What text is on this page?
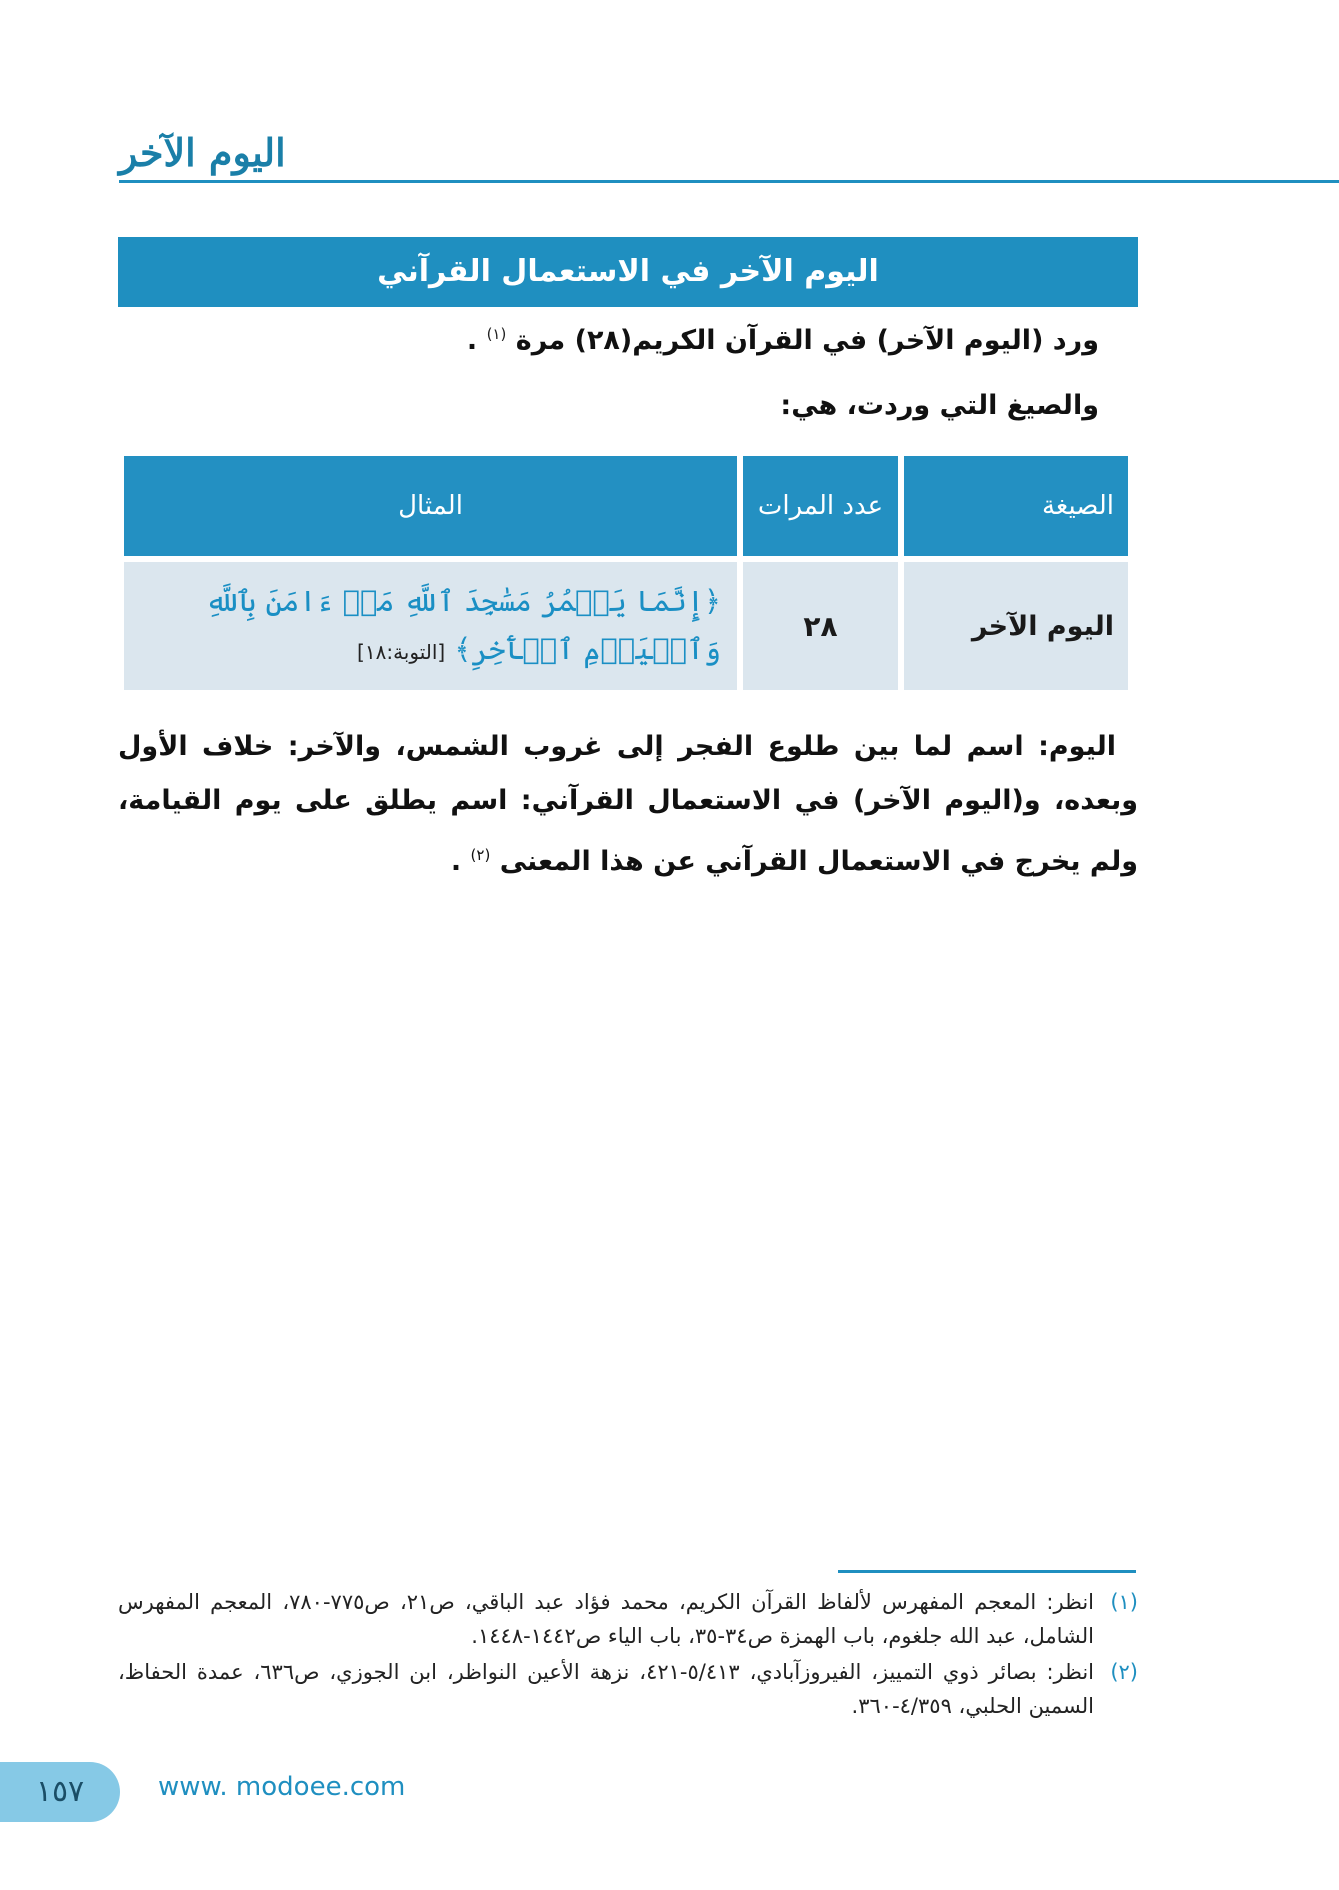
اليوم الآخر
اليوم الآخر في الاستعمال القرآني
ورد (اليوم الآخر) في القرآن الكريم(٢٨) مرة $^{(١)}$ .
والصيغ التي وردت، هي:
الصيغة	عدد المرات	المثال
اليوم الآخر	٢٨	﴿إِنَّمَا يَعۡمُرُ مَسَٰجِدَ ٱللَّهِ مَنۡ ءَامَنَ بِٱللَّهِ وَٱلۡيَوۡمِ ٱلۡأٓخِرِ﴾ [التوبة:١٨]
اليوم: اسم لما بين طلوع الفجر إلى غروب الشمس، والآخر: خلاف الأول وبعده، و(اليوم الآخر) في الاستعمال القرآني: اسم يطلق على يوم القيامة، ولم يخرج في الاستعمال القرآني عن هذا المعنى $^{(٢)}$ .

(١)
انظر: المعجم المفهرس لألفاظ القرآن الكريم، محمد فؤاد عبد الباقي، ص٢١، ص٧٧٥-٧٨٠، المعجم المفهرس الشامل، عبد الله جلغوم، باب الهمزة ص٣٤-٣٥، باب الياء ص١٤٤٢-١٤٤٨.

(٢)
انظر: بصائر ذوي التمييز، الفيروزآبادي، ٥/٤١٣-٤٢١، نزهة الأعين النواظر، ابن الجوزي، ص٦٣٦، عمدة الحفاظ، السمين الحلبي، ٤/٣٥٩-٣٦٠.

١٥٧	www. modoee.com
